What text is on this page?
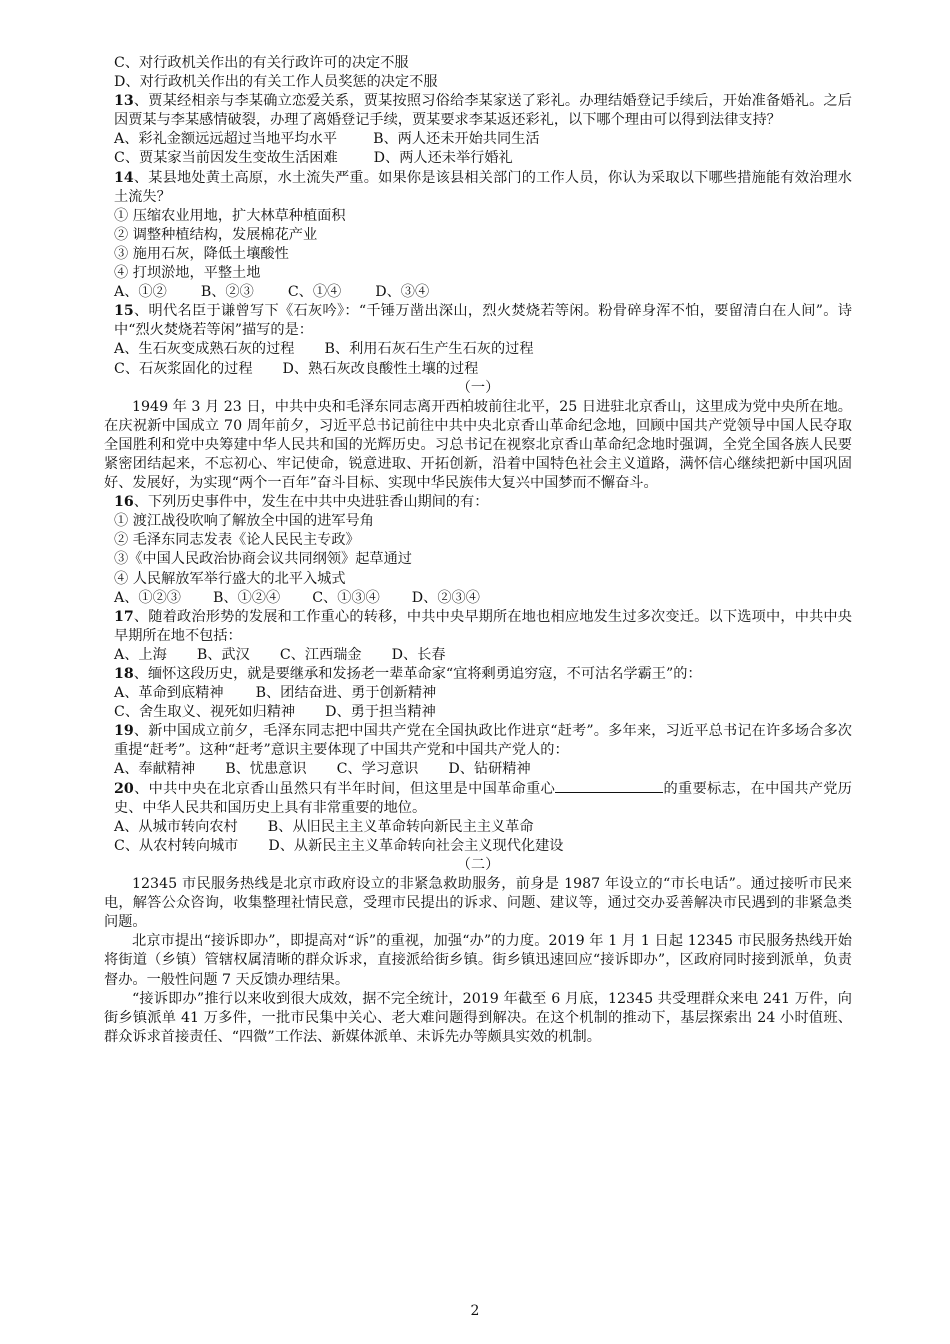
C、对行政机关作出的有关行政许可的决定不服
D、对行政机关作出的有关工作人员奖惩的决定不服
13、贾某经相亲与李某确立恋爱关系，贾某按照习俗给李某家送了彩礼。办理结婚登记手续后，开始准备婚礼。之后因贾某与李某感情破裂，办理了离婚登记手续，贾某要求李某返还彩礼，以下哪个理由可以得到法律支持？
A、彩礼金额远远超过当地平均水平	B、两人还未开始共同生活
C、贾某家当前因发生变故生活困难	D、两人还未举行婚礼
14、某县地处黄土高原，水土流失严重。如果你是该县相关部门的工作人员，你认为采取以下哪些措施能有效治理水土流失？
① 压缩农业用地，扩大林草种植面积
② 调整种植结构，发展棉花产业
③ 施用石灰，降低土壤酸性
④ 打坝淤地，平整土地
A、①② B、②③ C、①④ D、③④
15、明代名臣于谦曾写下《石灰吟》：“千锤万凿出深山，烈火焚烧若等闲。粉骨碎身浑不怕，要留清白在人间”。诗中“烈火焚烧若等闲”描写的是：
A、生石灰变成熟石灰的过程 B、利用石灰石生产生石灰的过程
C、石灰浆固化的过程 D、熟石灰改良酸性土壤的过程
（一）
1949 年 3 月 23 日，中共中央和毛泽东同志离开西柏坡前往北平，25 日进驻北京香山，这里成为党中央所在地。在庆祝新中国成立 70 周年前夕，习近平总书记前往中共中央北京香山革命纪念地，回顾中国共产党领导中国人民夺取全国胜利和党中央筹建中华人民共和国的光辉历史。习总书记在视察北京香山革命纪念地时强调，全党全国各族人民要紧密团结起来，不忘初心、牢记使命，锐意进取、开拓创新，沿着中国特色社会主义道路，满怀信心继续把新中国巩固好、发展好，为实现“两个一百年”奋斗目标、实现中华民族伟大复兴中国梦而不懈奋斗。
16、下列历史事件中，发生在中共中央进驻香山期间的有：
① 渡江战役吹响了解放全中国的进军号角
② 毛泽东同志发表《论人民民主专政》
③《中国人民政治协商会议共同纲领》起草通过
④ 人民解放军举行盛大的北平入城式
A、①②③ B、①②④ C、①③④ D、②③④
17、随着政治形势的发展和工作重心的转移，中共中央早期所在地也相应地发生过多次变迁。以下选项中，中共中央早期所在地不包括：
A、上海 B、武汉 C、江西瑞金 D、长春
18、缅怀这段历史，就是要继承和发扬老一辈革命家“宜将剩勇追穷寇，不可沽名学霸王”的：
A、革命到底精神 B、团结奋进、勇于创新精神
C、舍生取义、视死如归精神 D、勇于担当精神
19、新中国成立前夕，毛泽东同志把中国共产党在全国执政比作进京“赶考”。多年来，习近平总书记在许多场合多次重提“赶考”。这种“赶考”意识主要体现了中国共产党和中国共产党人的：
A、奉献精神 B、忧患意识 C、学习意识 D、钻研精神
20、中共中央在北京香山虽然只有半年时间，但这里是中国革命重心	的重要标志，在中国共产党历史、中华人民共和国历史上具有非常重要的地位。
A、从城市转向农村 B、从旧民主主义革命转向新民主主义革命
C、从农村转向城市 D、从新民主主义革命转向社会主义现代化建设
（二）
12345 市民服务热线是北京市政府设立的非紧急救助服务，前身是 1987 年设立的“市长电话”。通过接听市民来电，解答公众咨询，收集整理社情民意，受理市民提出的诉求、问题、建议等，通过交办妥善解决市民遇到的非紧急类问题。
北京市提出“接诉即办”，即提高对“诉”的重视，加强“办”的力度。2019 年 1 月 1 日起 12345 市民服务热线开始将街道（乡镇）管辖权属清晰的群众诉求，直接派给街乡镇。街乡镇迅速回应“接诉即办”，区政府同时接到派单，负责督办。一般性问题 7 天反馈办理结果。
“接诉即办”推行以来收到很大成效，据不完全统计，2019 年截至 6 月底，12345 共受理群众来电 241 万件，向街乡镇派单 41 万多件，一批市民集中关心、老大难问题得到解决。在这个机制的推动下，基层探索出 24 小时值班、群众诉求首接责任、“四微”工作法、新媒体派单、未诉先办等颇具实效的机制。
2
